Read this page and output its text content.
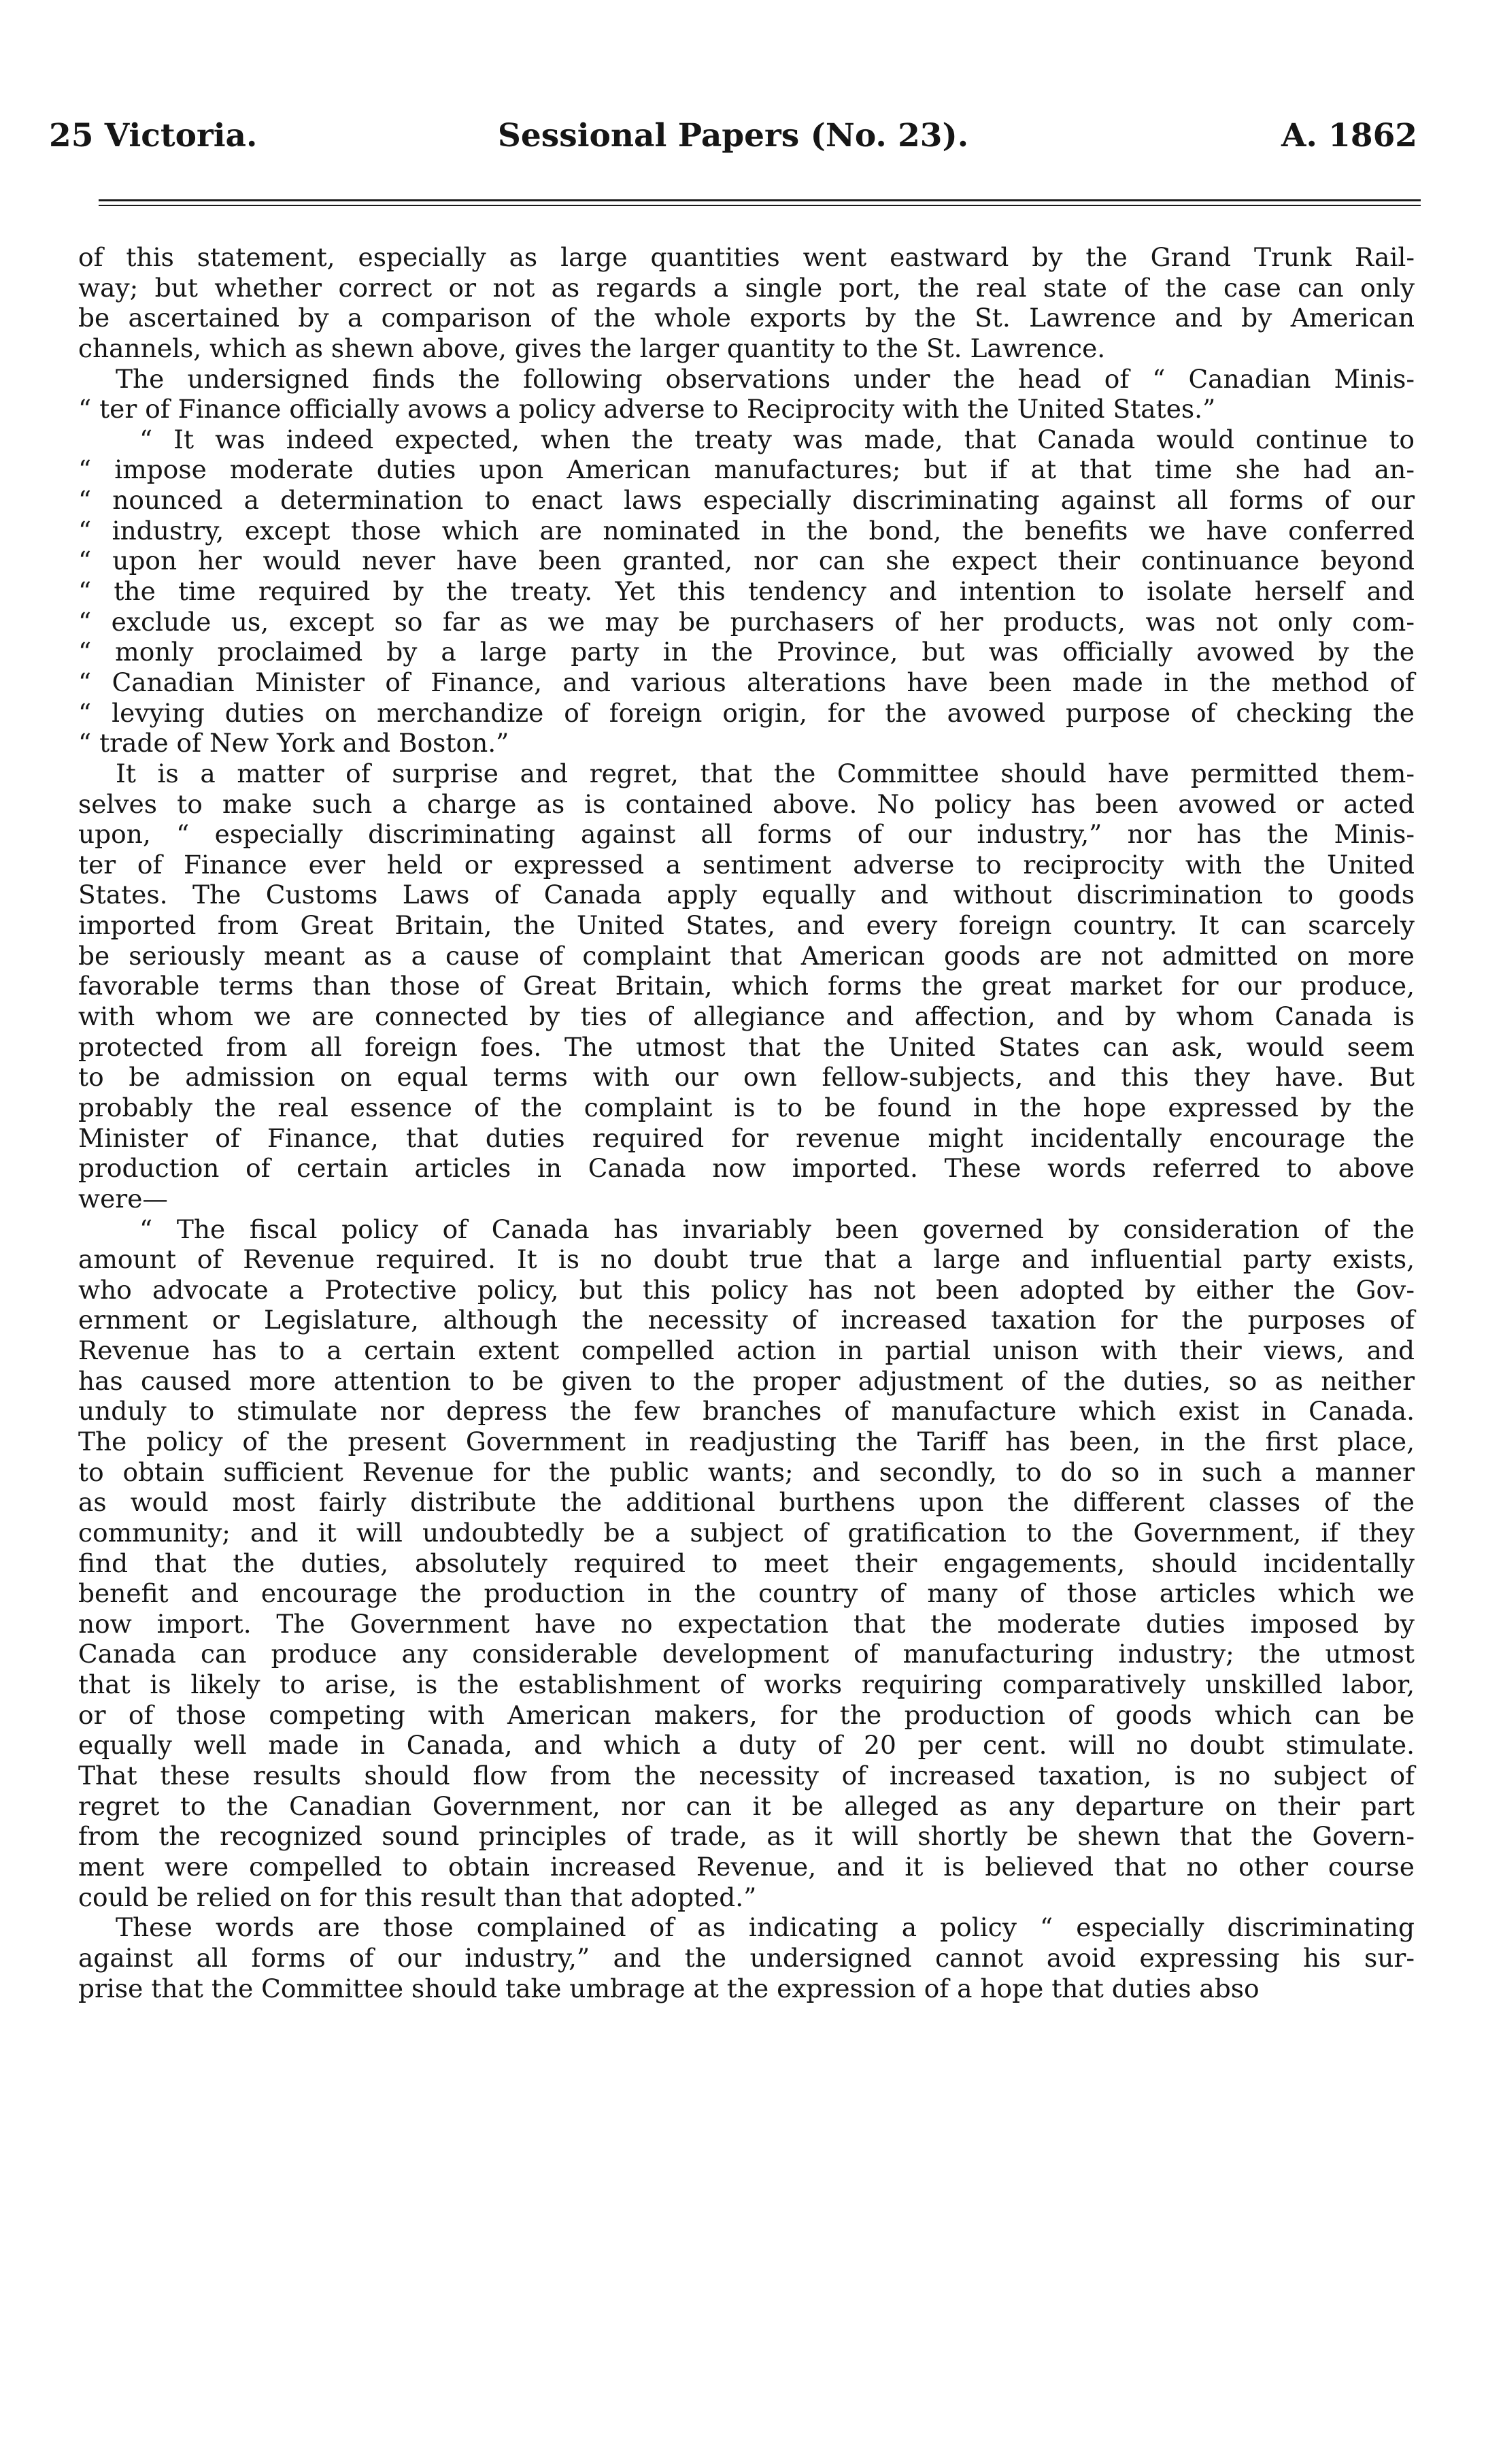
25 Victoria.	Sessional Papers (No. 23).	A. 1862
of this statement, especially as large quantities went eastward by the Grand Trunk Rail-
way; but whether correct or not as regards a single port, the real state of the case can only
be ascertained by a comparison of the whole exports by the St. Lawrence and by American
channels, which as shewn above, gives the larger quantity to the St. Lawrence.
The undersigned finds the following observations under the head of “ Canadian Minis-
“ ter of Finance officially avows a policy adverse to Reciprocity with the United States.”
“ It was indeed expected, when the treaty was made, that Canada would continue to
“ impose moderate duties upon American manufactures; but if at that time she had an-
“ nounced a determination to enact laws especially discriminating against all forms of our
“ industry, except those which are nominated in the bond, the benefits we have conferred
“ upon her would never have been granted, nor can she expect their continuance beyond
“ the time required by the treaty. Yet this tendency and intention to isolate herself and
“ exclude us, except so far as we may be purchasers of her products, was not only com-
“ monly proclaimed by a large party in the Province, but was officially avowed by the
“ Canadian Minister of Finance, and various alterations have been made in the method of
“ levying duties on merchandize of foreign origin, for the avowed purpose of checking the
“ trade of New York and Boston.”
It is a matter of surprise and regret, that the Committee should have permitted them-
selves to make such a charge as is contained above. No policy has been avowed or acted
upon, “ especially discriminating against all forms of our industry,” nor has the Minis-
ter of Finance ever held or expressed a sentiment adverse to reciprocity with the United
States. The Customs Laws of Canada apply equally and without discrimination to goods
imported from Great Britain, the United States, and every foreign country. It can scarcely
be seriously meant as a cause of complaint that American goods are not admitted on more
favorable terms than those of Great Britain, which forms the great market for our produce,
with whom we are connected by ties of allegiance and affection, and by whom Canada is
protected from all foreign foes. The utmost that the United States can ask, would seem
to be admission on equal terms with our own fellow-subjects, and this they have. But
probably the real essence of the complaint is to be found in the hope expressed by the
Minister of Finance, that duties required for revenue might incidentally encourage the
production of certain articles in Canada now imported. These words referred to above
were—
“ The fiscal policy of Canada has invariably been governed by consideration of the
amount of Revenue required. It is no doubt true that a large and influential party exists,
who advocate a Protective policy, but this policy has not been adopted by either the Gov-
ernment or Legislature, although the necessity of increased taxation for the purposes of
Revenue has to a certain extent compelled action in partial unison with their views, and
has caused more attention to be given to the proper adjustment of the duties, so as neither
unduly to stimulate nor depress the few branches of manufacture which exist in Canada.
The policy of the present Government in readjusting the Tariff has been, in the first place,
to obtain sufficient Revenue for the public wants; and secondly, to do so in such a manner
as would most fairly distribute the additional burthens upon the different classes of the
community; and it will undoubtedly be a subject of gratification to the Government, if they
find that the duties, absolutely required to meet their engagements, should incidentally
benefit and encourage the production in the country of many of those articles which we
now import. The Government have no expectation that the moderate duties imposed by
Canada can produce any considerable development of manufacturing industry; the utmost
that is likely to arise, is the establishment of works requiring comparatively unskilled labor,
or of those competing with American makers, for the production of goods which can be
equally well made in Canada, and which a duty of 20 per cent. will no doubt stimulate.
That these results should flow from the necessity of increased taxation, is no subject of
regret to the Canadian Government, nor can it be alleged as any departure on their part
from the recognized sound principles of trade, as it will shortly be shewn that the Govern-
ment were compelled to obtain increased Revenue, and it is believed that no other course
could be relied on for this result than that adopted.”
These words are those complained of as indicating a policy “ especially discriminating
against all forms of our industry,” and the undersigned cannot avoid expressing his sur-
prise that the Committee should take umbrage at the expression of a hope that duties abso
